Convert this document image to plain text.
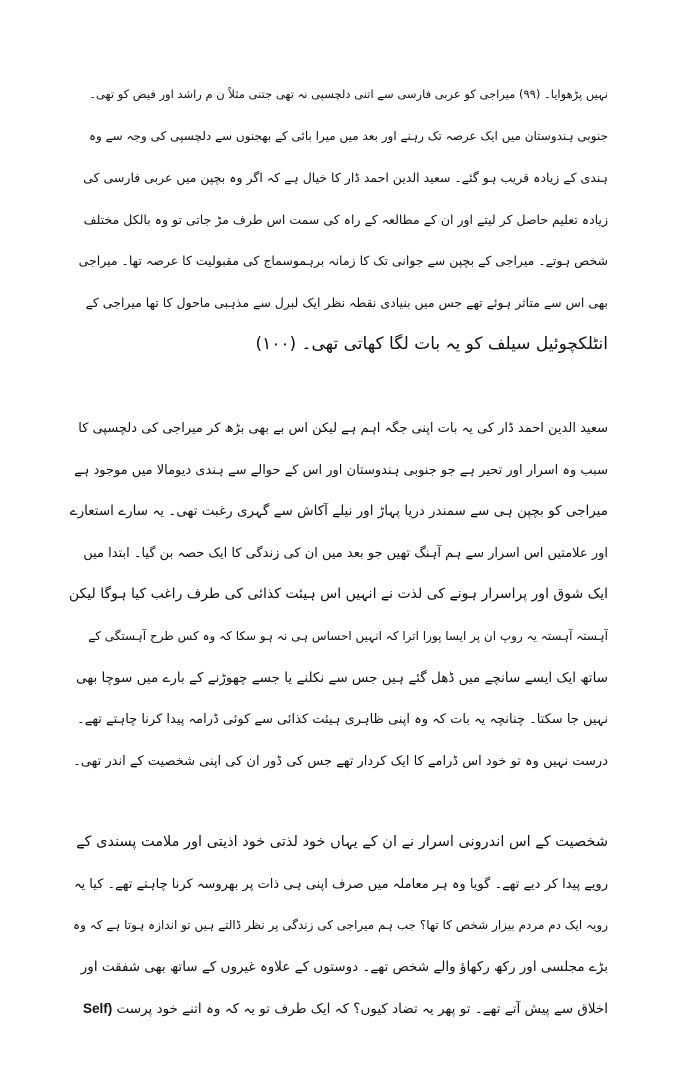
نہیں پڑھوایا۔ (۹۹) میراجی کو عربی فارسی سے اتنی دلچسپی نہ تھی جتنی مثلاً ن م راشد اور فیض کو تھی۔
جنوبی ہندوستان میں ایک عرصہ تک رہنے اور بعد میں میرا بائی کے بھجنوں سے دلچسپی کی وجہ سے وہ
ہندی کے زیادہ قریب ہو گئے۔ سعید الدین احمد ڈار کا خیال ہے کہ اگر وہ بچپن میں عربی فارسی کی
زیادہ تعلیم حاصل کر لیتے اور ان کے مطالعہ کے راہ کی سمت اس طرف مڑ جاتی تو وہ بالکل مختلف
شخص ہوتے۔ میراجی کے بچپن سے جوانی تک کا زمانہ برہموسماج کی مقبولیت کا عرصہ تھا۔ میراجی
بھی اس سے متاثر ہوئے تھے جس میں بنیادی نقطہ نظر ایک لبرل سے مذہبی ماحول کا تھا میراجی کے
انٹلکچوئیل سیلف کو یہ بات لگا کھاتی تھی۔ (۱۰۰)
سعید الدین احمد ڈار کی یہ بات اپنی جگہ اہم ہے لیکن اس بے بھی بڑھ کر میراجی کی دلچسپی کا
سبب وہ اسرار اور تحیر ہے جو جنوبی ہندوستان اور اس کے حوالے سے ہندی دیومالا میں موجود ہے
میراجی کو بچپن ہی سے سمندر دریا پہاڑ اور نیلے آکاش سے گہری رغبت تھی۔ یہ سارے استعارے
اور علامتیں اس اسرار سے ہم آہنگ تھیں جو بعد میں ان کی زندگی کا ایک حصہ بن گیا۔ ابتدا میں
ایک شوق اور پراسرار ہونے کی لذت نے انہیں اس ہیئت کذائی کی طرف راغب کیا ہوگا لیکن
آہستہ آہستہ یہ روپ ان پر ایسا پورا اترا کہ انہیں احساس ہی نہ ہو سکا کہ وہ کس طرح آہستگی کے
ساتھ ایک ایسے سانچے میں ڈھل گئے ہیں جس سے نکلنے یا جسے چھوڑنے کے بارے میں سوچا بھی
نہیں جا سکتا۔ چنانچہ یہ بات کہ وہ اپنی ظاہری ہیئت کذائی سے کوئی ڈرامہ پیدا کرنا چاہتے تھے۔
درست نہیں وہ تو خود اس ڈرامے کا ایک کردار تھے جس کی ڈور ان کی اپنی شخصیت کے اندر تھی۔
شخصیت کے اس اندرونی اسرار نے ان کے یہاں خود لذتی خود اذیتی اور ملامت پسندی کے
رویے پیدا کر دیے تھے۔ گویا وہ ہر معاملہ میں صرف اپنی ہی ذات پر بھروسہ کرنا چاہتے تھے۔ کیا یہ
رویہ ایک دم مردم بیزار شخص کا تھا؟ جب ہم میراجی کی زندگی پر نظر ڈالتے ہیں تو اندازہ ہوتا ہے کہ وہ
بڑے مجلسی اور رکھ رکھاؤ والے شخص تھے۔ دوستوں کے علاوہ غیروں کے ساتھ بھی شفقت اور
اخلاق سے پیش آتے تھے۔ تو پھر یہ تضاد کیوں؟ کہ ایک طرف تو یہ کہ وہ اتنے خود پرست Self)
